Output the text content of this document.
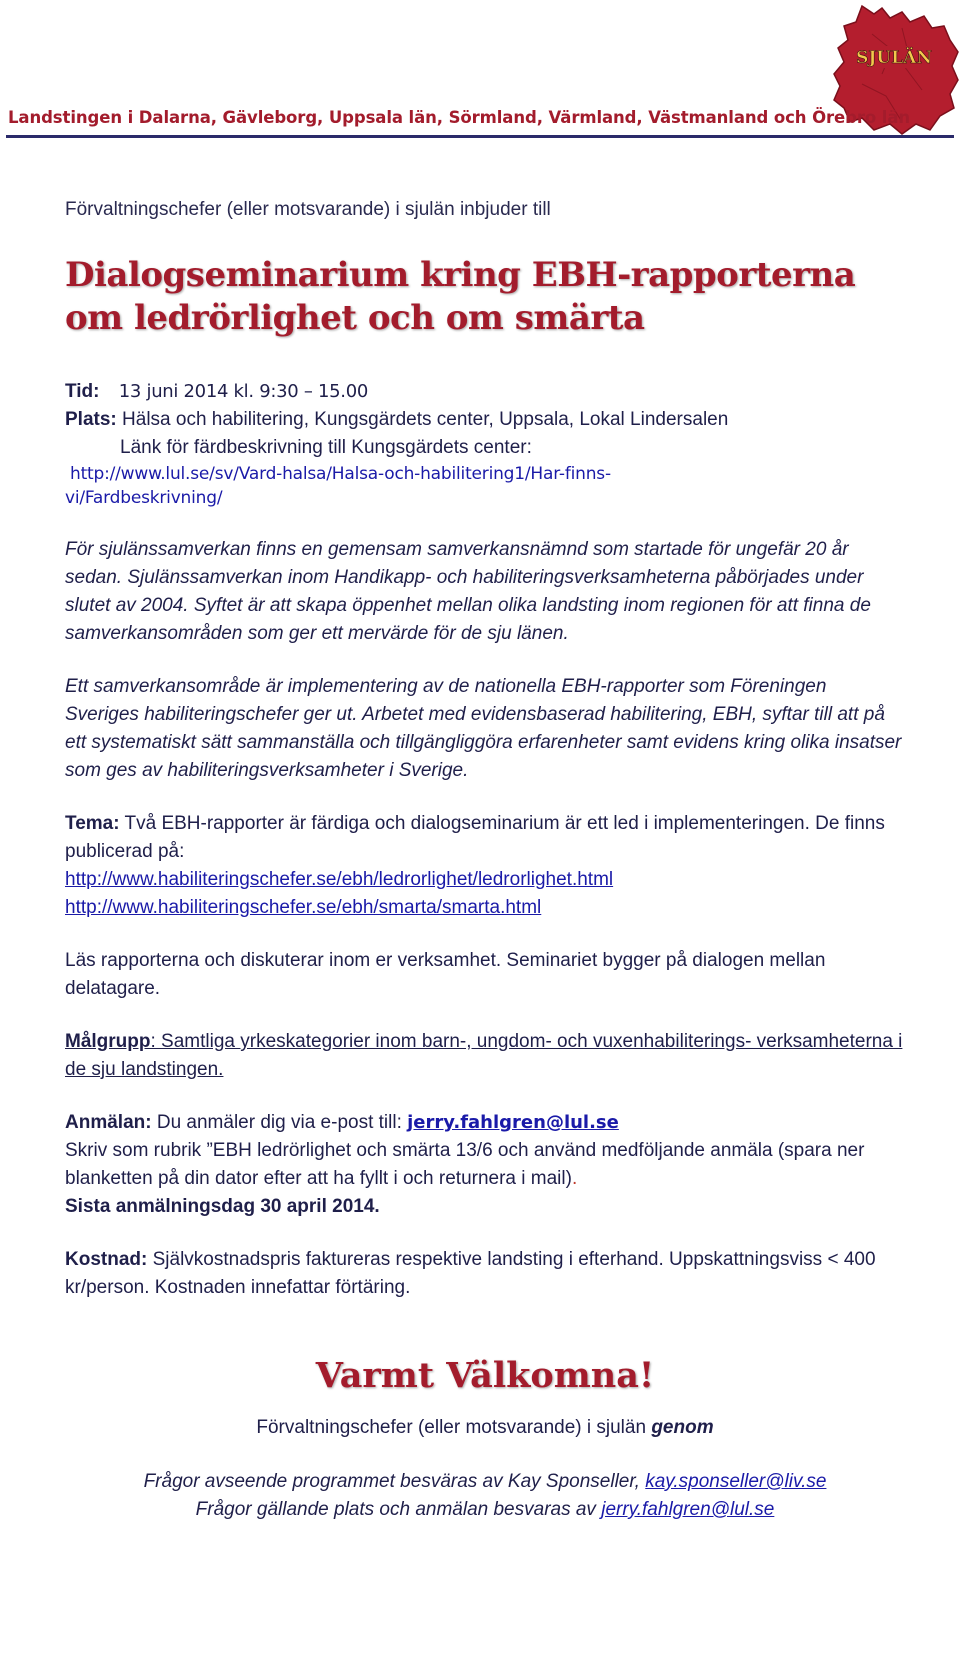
SJULÄN
Landstingen i Dalarna, Gävleborg, Uppsala län, Sörmland, Värmland, Västmanland och Örebro län

Förvaltningschefer (eller motsvarande) i sjulän inbjuder till

Dialogseminarium kring EBH-rapporterna
om ledrörlighet och om smärta

Tid: 13 juni 2014 kl. 9:30 – 15.00

Plats: Hälsa och habilitering, Kungsgärdets center, Uppsala, Lokal Lindersalen

Länk för färdbeskrivning till Kungsgärdets center:

http://www.lul.se/sv/Vard-halsa/Halsa-och-habilitering1/Har-finns-
vi/Fardbeskrivning/

För sjulänssamverkan finns en gemensam samverkansnämnd som startade för ungefär 20 år sedan. Sjulänssamverkan inom Handikapp- och habiliteringsverksamheterna påbörjades under slutet av 2004. Syftet är att skapa öppenhet mellan olika landsting inom regionen för att finna de samverkansområden som ger ett mervärde för de sju länen.

Ett samverkansområde är implementering av de nationella EBH-rapporter som Föreningen Sveriges habiliteringschefer ger ut. Arbetet med evidensbaserad habilitering, EBH, syftar till att på ett systematiskt sätt sammanställa och tillgängliggöra erfarenheter samt evidens kring olika insatser som ges av habiliteringsverksamheter i Sverige.

Tema: Två EBH-rapporter är färdiga och dialogseminarium är ett led i implementeringen. De finns publicerad på:

http://www.habiliteringschefer.se/ebh/ledrorlighet/ledrorlighet.html

http://www.habiliteringschefer.se/ebh/smarta/smarta.html

Läs rapporterna och diskuterar inom er verksamhet. Seminariet bygger på dialogen mellan delatagare.

Målgrupp: Samtliga yrkeskategorier inom barn-, ungdom- och vuxenhabiliterings- verksamheterna i de sju landstingen.

Anmälan: Du anmäler dig via e-post till: jerry.fahlgren@lul.se

Skriv som rubrik ”EBH ledrörlighet och smärta 13/6 och använd medföljande anmäla (spara ner blanketten på din dator efter att ha fyllt i och returnera i mail).

Sista anmälningsdag 30 april 2014.

Kostnad: Självkostnadspris faktureras respektive landsting i efterhand. Uppskattningsviss < 400 kr/person. Kostnaden innefattar förtäring.

Varmt Välkomna!

Förvaltningschefer (eller motsvarande) i sjulän genom

Frågor avseende programmet besväras av Kay Sponseller, kay.sponseller@liv.se

Frågor gällande plats och anmälan besvaras av jerry.fahlgren@lul.se
